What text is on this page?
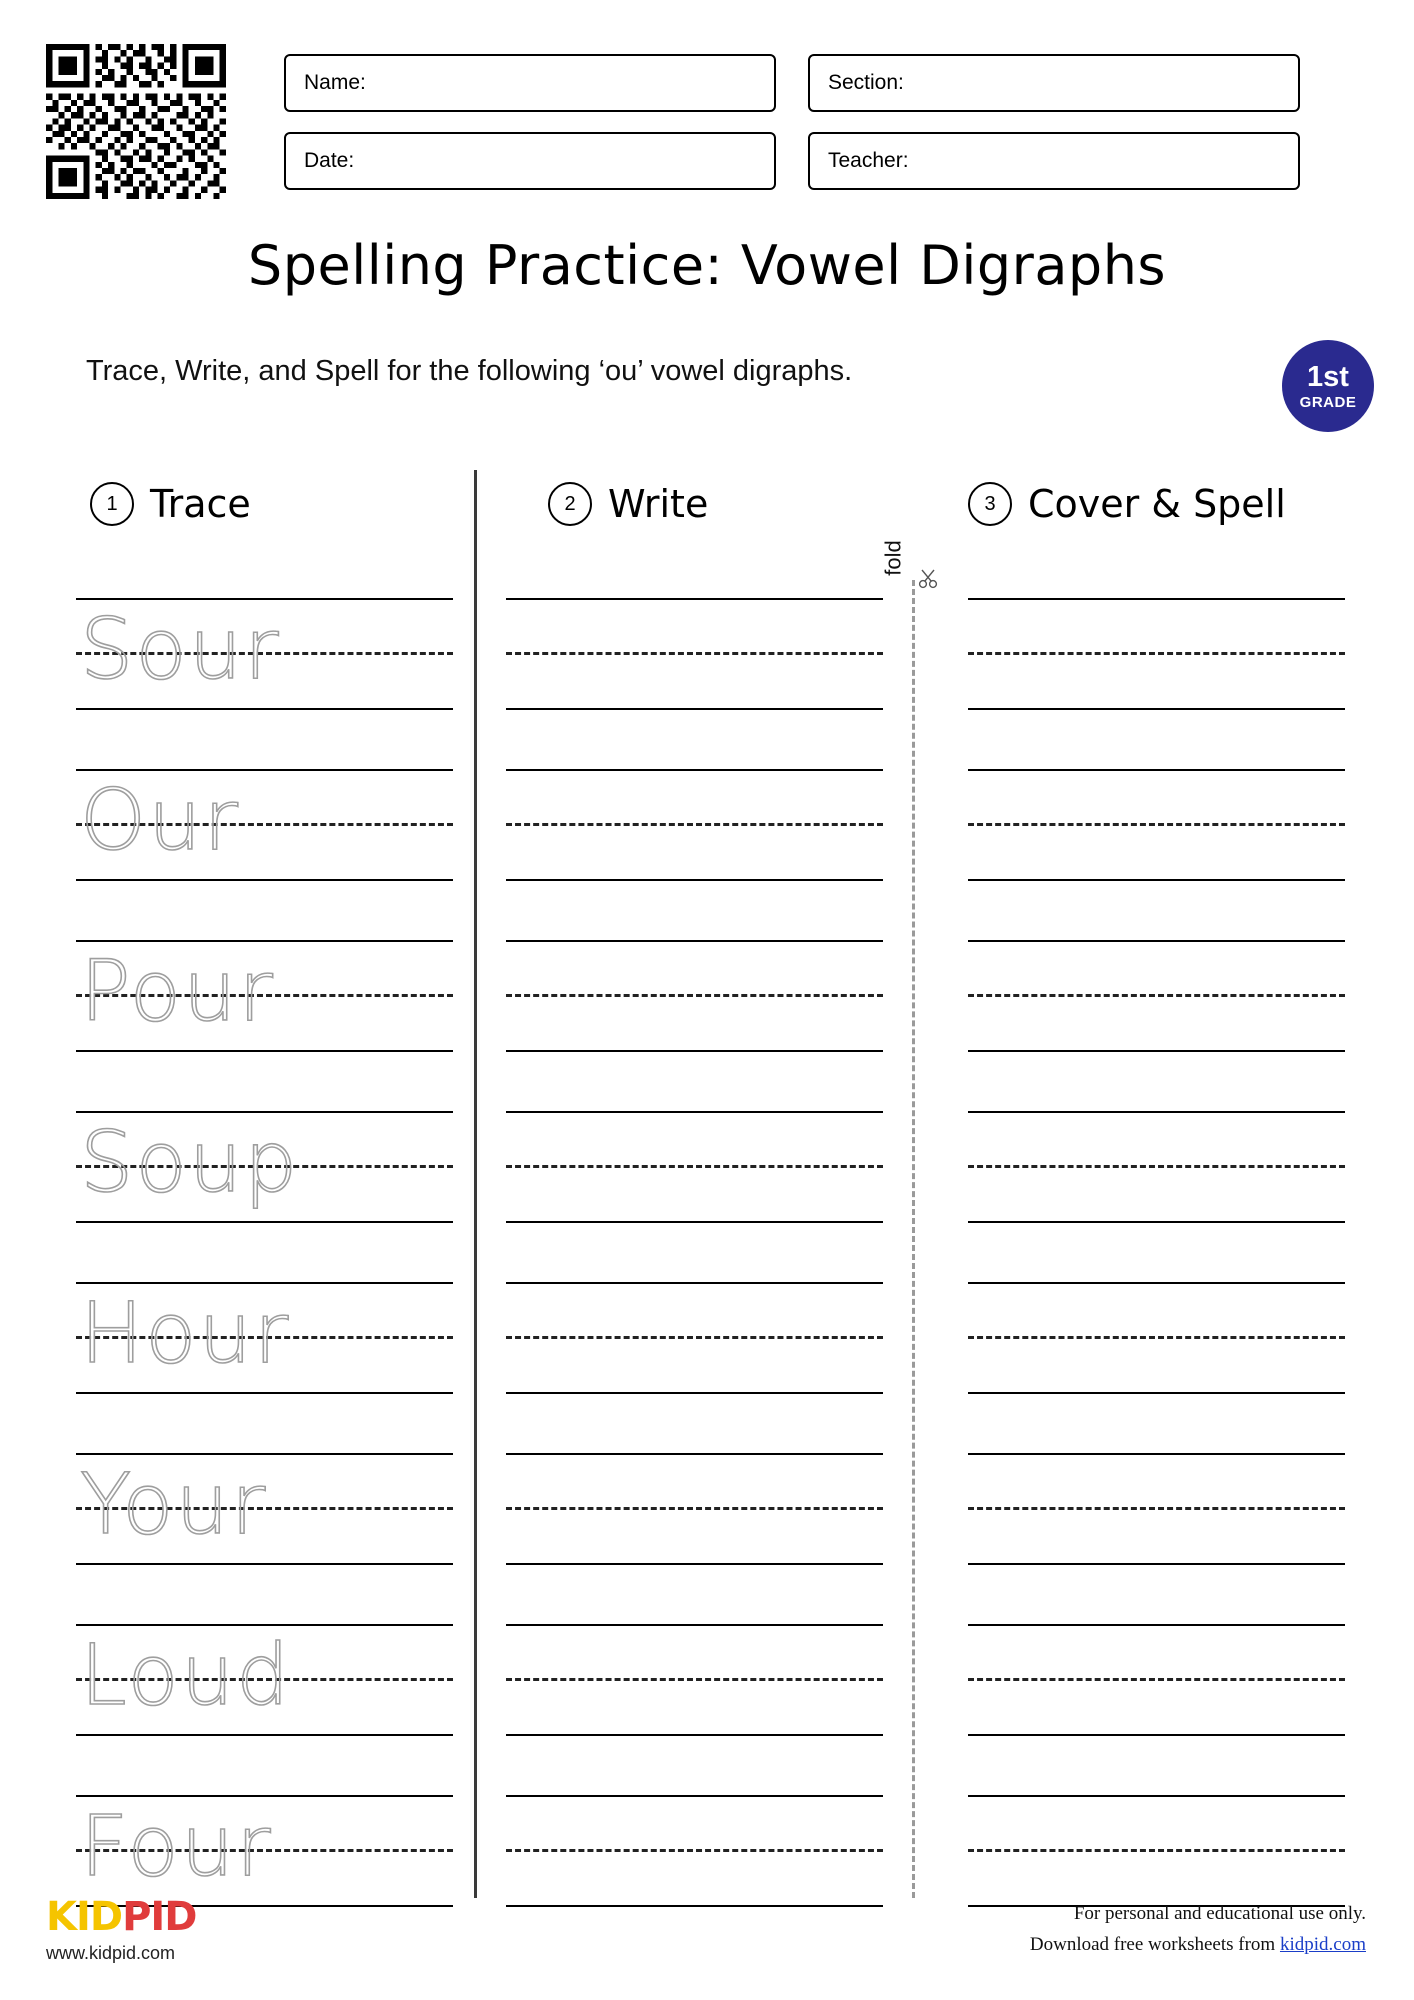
Name:	Section:
Date:	Teacher:
Spelling Practice: Vowel Digraphs
Trace, Write, and Spell for the following ‘ou’ vowel digraphs.	1st
GRADE
1 Trace	2 Write	3 Cover & Spell
fold
Sour
Our
Pour
Soup
Hour
Your
Loud
Four
KIDPID
www.kidpid.com
For personal and educational use only.
Download free worksheets from kidpid.com
